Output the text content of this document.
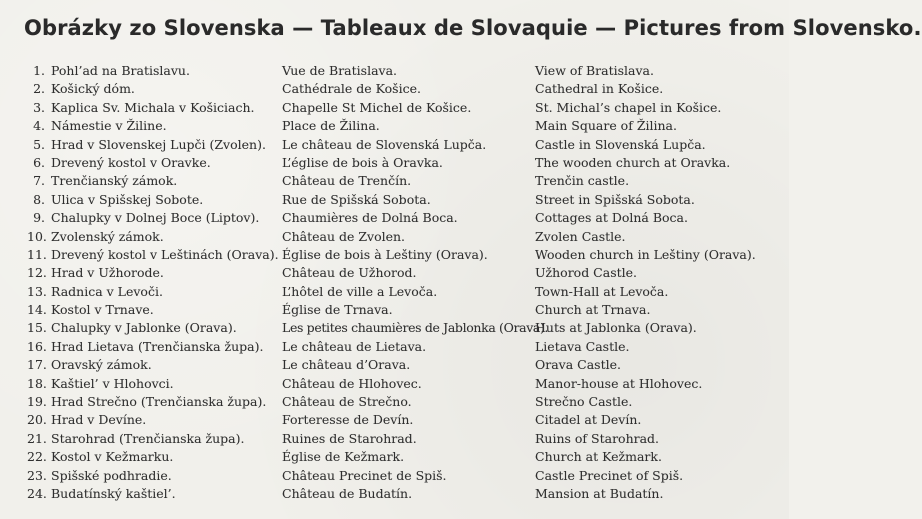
Obrázky zo Slovenska — Tableaux de Slovaquie — Pictures from Slovensko.
1. Pohl’ad na Bratislavu.
2. Košický dóm.
3. Kaplica Sv. Michala v Košiciach.
4. Námestie v Žiline.
5. Hrad v Slovenskej Lupči (Zvolen).
6. Drevený kostol v Oravke.
7. Trenčianský zámok.
8. Ulica v Spišskej Sobote.
9. Chalupky v Dolnej Boce (Liptov).
10. Zvolenský zámok.
11. Drevený kostol v Leštinách (Orava).
12. Hrad v Užhorode.
13. Radnica v Levoči.
14. Kostol v Trnave.
15. Chalupky v Jablonke (Orava).
16. Hrad Lietava (Trenčianska župa).
17. Oravský zámok.
18. Kaštiel’ v Hlohovci.
19. Hrad Strečno (Trenčianska župa).
20. Hrad v Devíne.
21. Starohrad (Trenčianska župa).
22. Kostol v Kežmarku.
23. Spišské podhradie.
24. Budatínský kaštiel’.
Vue de Bratislava.
Cathédrale de Košice.
Chapelle St Michel de Košice.
Place de Žilina.
Le château de Slovenská Lupča.
L’église de bois à Oravka.
Château de Trenčín.
Rue de Spišská Sobota.
Chaumières de Dolná Boca.
Château de Zvolen.
Église de bois à Leštiny (Orava).
Château de Užhorod.
L’hôtel de ville a Levoča.
Église de Trnava.
Les petites chaumières de Jablonka (Orava).
Le château de Lietava.
Le château d’Orava.
Château de Hlohovec.
Château de Strečno.
Forteresse de Devín.
Ruines de Starohrad.
Église de Kežmark.
Château Precinet de Spiš.
Château de Budatín.
View of Bratislava.
Cathedral in Košice.
St. Michal’s chapel in Košice.
Main Square of Žilina.
Castle in Slovenská Lupča.
The wooden church at Oravka.
Trenčin castle.
Street in Spišská Sobota.
Cottages at Dolná Boca.
Zvolen Castle.
Wooden church in Leštiny (Orava).
Užhorod Castle.
Town-Hall at Levoča.
Church at Trnava.
Huts at Jablonka (Orava).
Lietava Castle.
Orava Castle.
Manor-house at Hlohovec.
Strečno Castle.
Citadel at Devín.
Ruins of Starohrad.
Church at Kežmark.
Castle Precinet of Spiš.
Mansion at Budatín.
